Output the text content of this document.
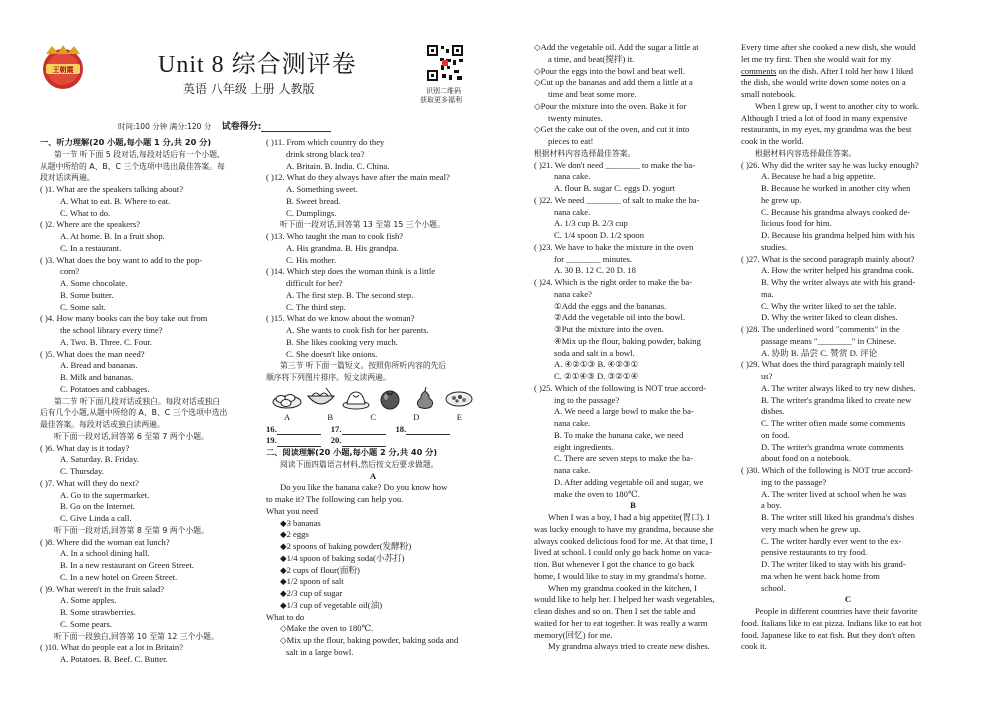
王朝霞	Unit 8 综合测评卷
英语 八年级 上册 人教版	识别二维码
获取更多福利
时间:100 分钟 满分:120 分 试卷得分:
一、听力理解(20 小题,每小题 1 分,共 20 分)
第一节 听下面 5 段对话,每段对话后有一个小题,
从题中所给的 A、B、C 三个选项中选出最佳答案。每
段对话读两遍。
( )1. What are the speakers talking about?
A. What to eat. B. Where to eat.
C. What to do.
( )2. Where are the speakers?
A. At home. B. In a fruit shop.
C. In a restaurant.
( )3. What does the boy want to add to the pop-
corn?
A. Some chocolate.
B. Some butter.
C. Some salt.
( )4. How many books can the boy take out from
the school library every time?
A. Two. B. Three. C. Four.
( )5. What does the man need?
A. Bread and bananas.
B. Milk and bananas.
C. Potatoes and cabbages.
第二节 听下面几段对话或独白。每段对话或独白
后有几个小题,从题中所给的 A、B、C 三个选项中选出
最佳答案。每段对话或独白读两遍。
听下面一段对话,回答第 6 至第 7 两个小题。
( )6. What day is it today?
A. Saturday. B. Friday.
C. Thursday.
( )7. What will they do next?
A. Go to the supermarket.
B. Go on the Internet.
C. Give Linda a call.
听下面一段对话,回答第 8 至第 9 两个小题。
( )8. Where did the woman eat lunch?
A. In a school dining hall.
B. In a new restaurant on Green Street.
C. In a new hotel on Green Street.
( )9. What weren't in the fruit salad?
A. Some apples.
B. Some strawberries.
C. Some pears.
听下面一段独白,回答第 10 至第 12 三个小题。
( )10. What do people eat a lot in Britain?
A. Potatoes. B. Beef. C. Butter.
( )11. From which country do they
drink strong black tea?
A. Britain. B. India. C. China.
( )12. What do they always have after the main meal?
A. Something sweet.
B. Sweet bread.
C. Dumplings.
听下面一段对话,回答第 13 至第 15 三个小题。
( )13. Who taught the man to cook fish?
A. His grandma. B. His grandpa.
C. His mother.
( )14. Which step does the woman think is a little
difficult for her?
A. The first step. B. The second step.
C. The third step.
( )15. What do we know about the woman?
A. She wants to cook fish for her parents.
B. She likes cooking very much.
C. She doesn't like onions.
第三节 听下面一篇短文。按照你所听内容的先后
顺序将下列图片排序。短文读两遍。
A	B	C	D	E
16.	17.	18.
19.	20.
二、阅读理解(20 小题,每小题 2 分,共 40 分)
阅读下面四篇语言材料,然后按文后要求做题。
A
Do you like the banana cake? Do you know how
to make it? The following can help you.
What you need
◆3 bananas
◆2 eggs
◆2 spoons of baking powder(发酵粉)
◆1/4 spoon of baking soda(小苏打)
◆2 cups of flour(面粉)
◆1/2 spoon of salt
◆2/3 cup of sugar
◆1/3 cup of vegetable oil(油)
What to do
◇Make the oven to 180℃.
◇Mix up the flour, baking powder, baking soda and
salt in a large bowl.
◇Add the vegetable oil. Add the sugar a little at
a time, and beat(搅拌) it.
◇Pour the eggs into the bowl and beat well.
◇Cut up the bananas and add them a little at a
time and beat some more.
◇Pour the mixture into the oven. Bake it for
twenty minutes.
◇Get the cake out of the oven, and cut it into
pieces to eat!
根据材料内容选择最佳答案。
( )21. We don't need ________ to make the ba-
nana cake.
A. flour B. sugar C. eggs D. yogurt
( )22. We need ________ of salt to make the ba-
nana cake.
A. 1/3 cup B. 2/3 cup
C. 1/4 spoon D. 1/2 spoon
( )23. We have to bake the mixture in the oven
for ________ minutes.
A. 30 B. 12 C. 20 D. 18
( )24. Which is the right order to make the ba-
nana cake?
①Add the eggs and the bananas.
②Add the vegetable oil into the bowl.
③Put the mixture into the oven.
④Mix up the flour, baking powder, baking
soda and salt in a bowl.
A. ④②①③ B. ④②③①
C. ②①④③ D. ③②①④
( )25. Which of the following is NOT true accord-
ing to the passage?
A. We need a large bowl to make the ba-
nana cake.
B. To make the banana cake, we need
eight ingredients.
C. There are seven steps to make the ba-
nana cake.
D. After adding vegetable oil and sugar, we
make the oven to 180℃.
B
When I was a boy, I had a big appetite(胃口). I
was lucky enough to have my grandma, because she
always cooked delicious food for me. At that time, I
lived at school. I could only go back home on vaca-
tion. But whenever I got the chance to go back
home, I would like to stay in my grandma's home.
When my grandma cooked in the kitchen, I
would like to help her. I helped her wash vegetables,
clean dishes and so on. Then I set the table and
waited for her to eat together. It was really a warm
memory(回忆) for me.
My grandma always tried to create new dishes.
Every time after she cooked a new dish, she would
let me try first. Then she would wait for my
comments on the dish. After I told her how I liked
the dish, she would write down some notes on a
small notebook.
When I grew up, I went to another city to work.
Although I tried a lot of food in many expensive
restaurants, in my eyes, my grandma was the best
cook in the world.
根据材料内容选择最佳答案。
( )26. Why did the writer say he was lucky enough?
A. Because he had a big appetite.
B. Because he worked in another city when
he grew up.
C. Because his grandma always cooked de-
licious food for him.
D. Because his grandma helped him with his
studies.
( )27. What is the second paragraph mainly about?
A. How the writer helped his grandma cook.
B. Why the writer always ate with his grand-
ma.
C. Why the writer liked to set the table.
D. Why the writer liked to clean dishes.
( )28. The underlined word "comments" in the
passage means "________" in Chinese.
A. 协助 B. 品尝 C. 赞赏 D. 评论
( )29. What does the third paragraph mainly tell
us?
A. The writer always liked to try new dishes.
B. The writer's grandma liked to create new
dishes.
C. The writer often made some comments
on food.
D. The writer's grandma wrote comments
about food on a notebook.
( )30. Which of the following is NOT true accord-
ing to the passage?
A. The writer lived at school when he was
a boy.
B. The writer still liked his grandma's dishes
very much when he grew up.
C. The writer hardly ever went to the ex-
pensive restaurants to try food.
D. The writer liked to stay with his grand-
ma when he went back home from
school.
C
People in different countries have their favorite
food. Italians like to eat pizza. Indians like to eat hot
food. Japanese like to eat fish. But they don't often
cook it.
